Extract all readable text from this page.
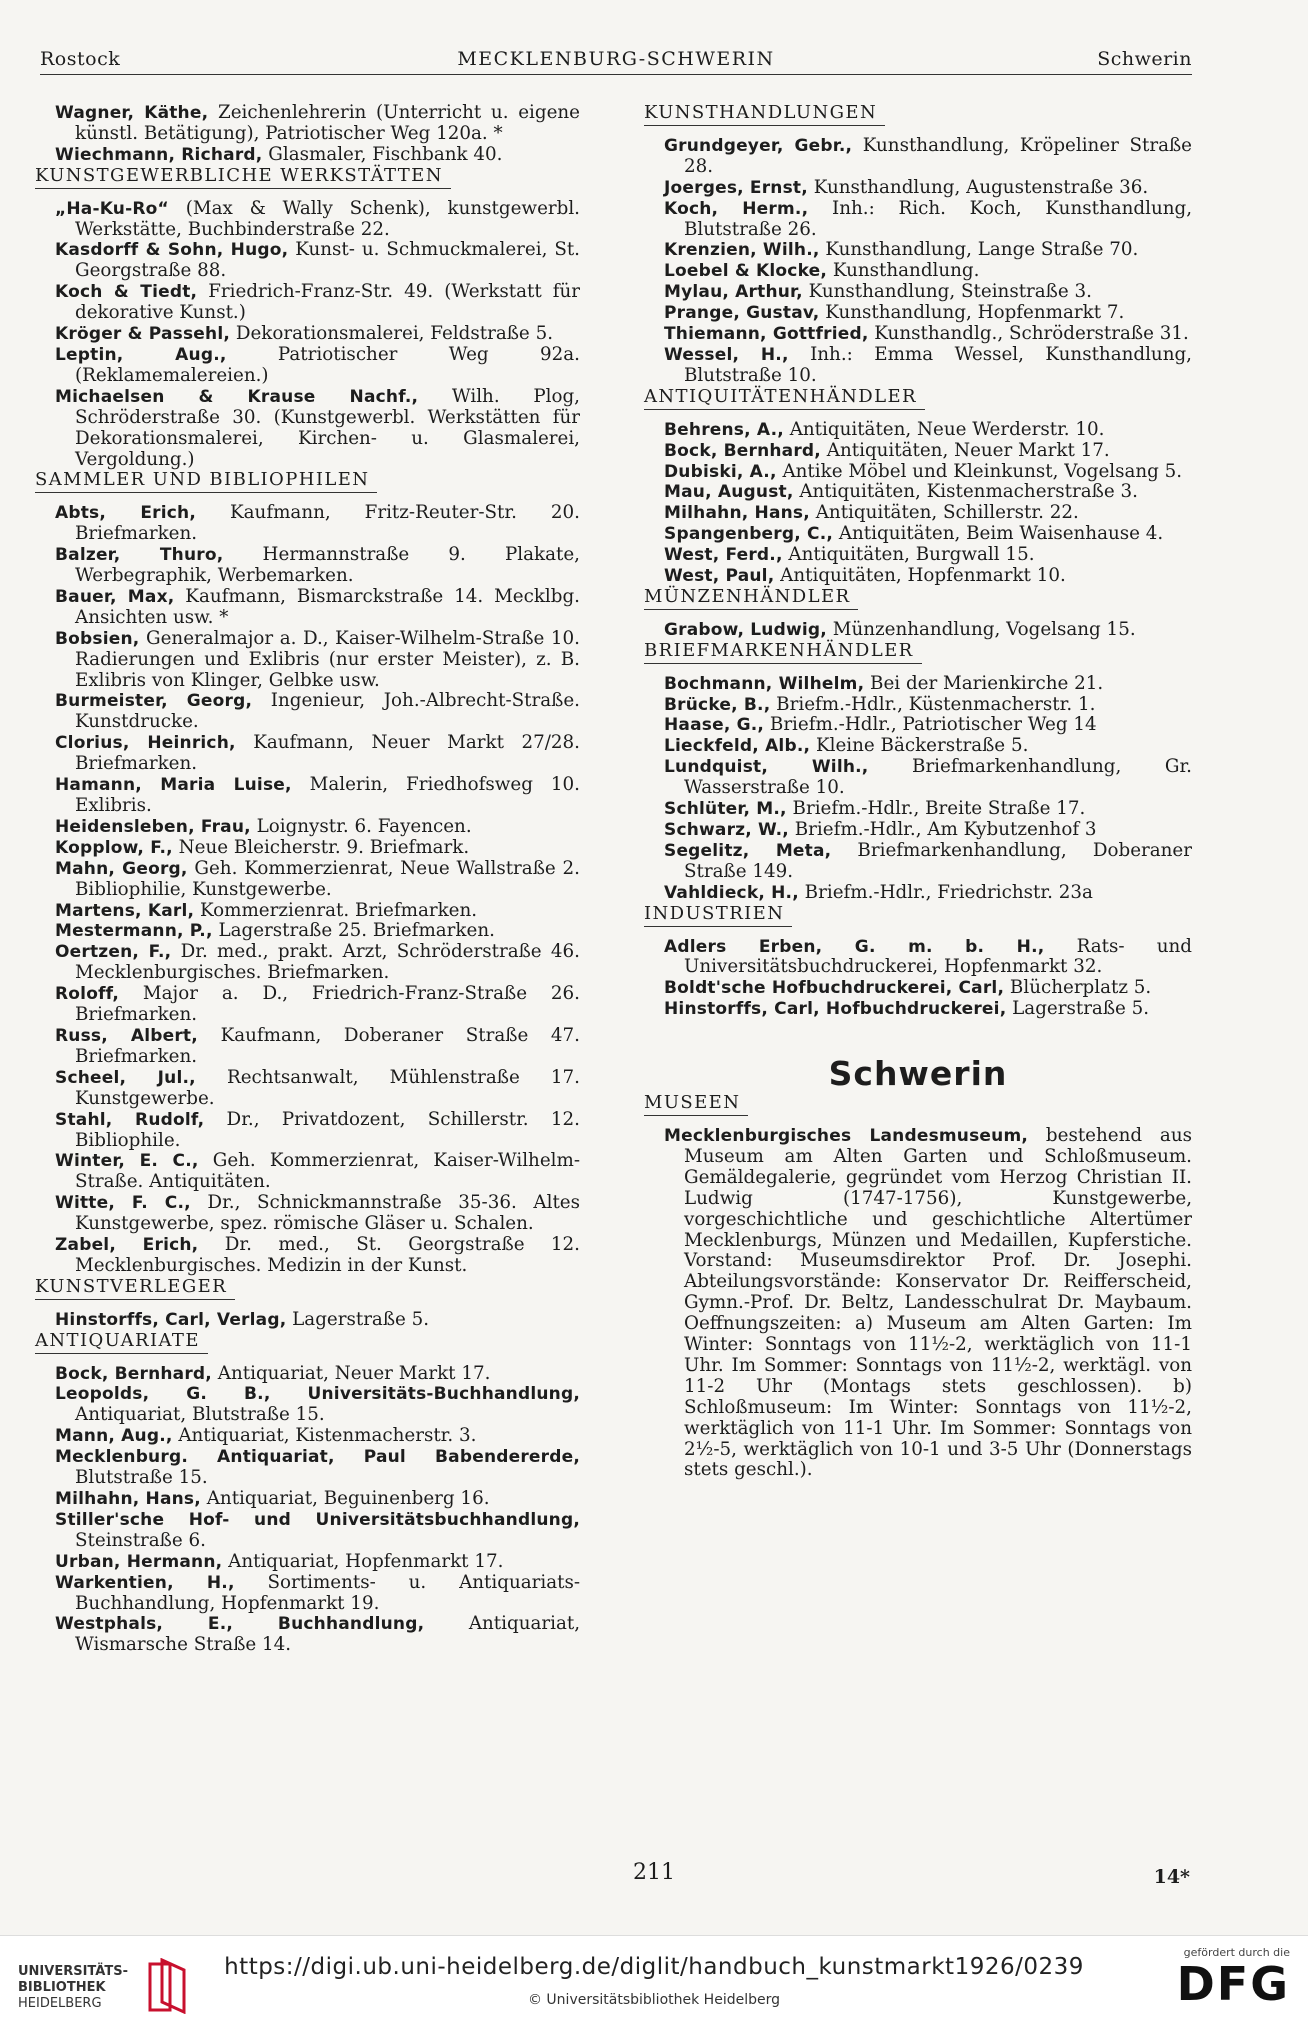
Rostock	MECKLENBURG-SCHWERIN	Schwerin
Wagner, Käthe, Zeichenlehrerin (Unterricht u. eigene künstl. Betätigung), Patriotischer Weg 120a. *
Wiechmann, Richard, Glasmaler, Fischbank 40.
KUNSTGEWERBLICHE WERKSTÄTTEN
„Ha-Ku-Ro“ (Max & Wally Schenk), kunstgewerbl. Werkstätte, Buchbinderstraße 22.
Kasdorff & Sohn, Hugo, Kunst- u. Schmuckmalerei, St. Georgstraße 88.
Koch & Tiedt, Friedrich-Franz-Str. 49. (Werkstatt für dekorative Kunst.)
Kröger & Passehl, Dekorationsmalerei, Feldstraße 5.
Leptin, Aug., Patriotischer Weg 92a. (Reklamemalereien.)
Michaelsen & Krause Nachf., Wilh. Plog, Schröderstraße 30. (Kunstgewerbl. Werkstätten für Dekorationsmalerei, Kirchen- u. Glasmalerei, Vergoldung.)
SAMMLER UND BIBLIOPHILEN
Abts, Erich, Kaufmann, Fritz-Reuter-Str. 20. Briefmarken.
Balzer, Thuro, Hermannstraße 9. Plakate, Werbegraphik, Werbemarken.
Bauer, Max, Kaufmann, Bismarckstraße 14. Mecklbg. Ansichten usw. *
Bobsien, Generalmajor a. D., Kaiser-Wilhelm-Straße 10. Radierungen und Exlibris (nur erster Meister), z. B. Exlibris von Klinger, Gelbke usw.
Burmeister, Georg, Ingenieur, Joh.-Albrecht-Straße. Kunstdrucke.
Clorius, Heinrich, Kaufmann, Neuer Markt 27/28. Briefmarken.
Hamann, Maria Luise, Malerin, Friedhofsweg 10. Exlibris.
Heidensleben, Frau, Loignystr. 6. Fayencen.
Kopplow, F., Neue Bleicherstr. 9. Briefmark.
Mahn, Georg, Geh. Kommerzienrat, Neue Wallstraße 2. Bibliophilie, Kunstgewerbe.
Martens, Karl, Kommerzienrat. Briefmarken.
Mestermann, P., Lagerstraße 25. Briefmarken.
Oertzen, F., Dr. med., prakt. Arzt, Schröderstraße 46. Mecklenburgisches. Briefmarken.
Roloff, Major a. D., Friedrich-Franz-Straße 26. Briefmarken.
Russ, Albert, Kaufmann, Doberaner Straße 47. Briefmarken.
Scheel, Jul., Rechtsanwalt, Mühlenstraße 17. Kunstgewerbe.
Stahl, Rudolf, Dr., Privatdozent, Schillerstr. 12. Bibliophile.
Winter, E. C., Geh. Kommerzienrat, Kaiser-Wilhelm-Straße. Antiquitäten.
Witte, F. C., Dr., Schnickmannstraße 35-36. Altes Kunstgewerbe, spez. römische Gläser u. Schalen.
Zabel, Erich, Dr. med., St. Georgstraße 12. Mecklenburgisches. Medizin in der Kunst.
KUNSTVERLEGER
Hinstorffs, Carl, Verlag, Lagerstraße 5.
ANTIQUARIATE
Bock, Bernhard, Antiquariat, Neuer Markt 17.
Leopolds, G. B., Universitäts-Buchhandlung, Antiquariat, Blutstraße 15.
Mann, Aug., Antiquariat, Kistenmacherstr. 3.
Mecklenburg. Antiquariat, Paul Babendererde, Blutstraße 15.
Milhahn, Hans, Antiquariat, Beguinenberg 16.
Stiller'sche Hof- und Universitätsbuchhandlung, Steinstraße 6.
Urban, Hermann, Antiquariat, Hopfenmarkt 17.
Warkentien, H., Sortiments- u. Antiquariats-Buchhandlung, Hopfenmarkt 19.
Westphals, E., Buchhandlung, Antiquariat, Wismarsche Straße 14.
KUNSTHANDLUNGEN
Grundgeyer, Gebr., Kunsthandlung, Kröpeliner Straße 28.
Joerges, Ernst, Kunsthandlung, Augustenstraße 36.
Koch, Herm., Inh.: Rich. Koch, Kunsthandlung, Blutstraße 26.
Krenzien, Wilh., Kunsthandlung, Lange Straße 70.
Loebel & Klocke, Kunsthandlung.
Mylau, Arthur, Kunsthandlung, Steinstraße 3.
Prange, Gustav, Kunsthandlung, Hopfenmarkt 7.
Thiemann, Gottfried, Kunsthandlg., Schröderstraße 31.
Wessel, H., Inh.: Emma Wessel, Kunsthandlung, Blutstraße 10.
ANTIQUITÄTENHÄNDLER
Behrens, A., Antiquitäten, Neue Werderstr. 10.
Bock, Bernhard, Antiquitäten, Neuer Markt 17.
Dubiski, A., Antike Möbel und Kleinkunst, Vogelsang 5.
Mau, August, Antiquitäten, Kistenmacherstraße 3.
Milhahn, Hans, Antiquitäten, Schillerstr. 22.
Spangenberg, C., Antiquitäten, Beim Waisenhause 4.
West, Ferd., Antiquitäten, Burgwall 15.
West, Paul, Antiquitäten, Hopfenmarkt 10.
MÜNZENHÄNDLER
Grabow, Ludwig, Münzenhandlung, Vogelsang 15.
BRIEFMARKENHÄNDLER
Bochmann, Wilhelm, Bei der Marienkirche 21.
Brücke, B., Briefm.-Hdlr., Küstenmacherstr. 1.
Haase, G., Briefm.-Hdlr., Patriotischer Weg 14
Lieckfeld, Alb., Kleine Bäckerstraße 5.
Lundquist, Wilh., Briefmarkenhandlung, Gr. Wasserstraße 10.
Schlüter, M., Briefm.-Hdlr., Breite Straße 17.
Schwarz, W., Briefm.-Hdlr., Am Kybutzenhof 3
Segelitz, Meta, Briefmarkenhandlung, Doberaner Straße 149.
Vahldieck, H., Briefm.-Hdlr., Friedrichstr. 23a
INDUSTRIEN
Adlers Erben, G. m. b. H., Rats- und Universitätsbuchdruckerei, Hopfenmarkt 32.
Boldt'sche Hofbuchdruckerei, Carl, Blücherplatz 5.
Hinstorffs, Carl, Hofbuchdruckerei, Lagerstraße 5.
Schwerin
MUSEEN
Mecklenburgisches Landesmuseum, bestehend aus Museum am Alten Garten und Schloßmuseum. Gemäldegalerie, gegründet vom Herzog Christian II. Ludwig (1747-1756), Kunstgewerbe, vorgeschichtliche und geschichtliche Altertümer Mecklenburgs, Münzen und Medaillen, Kupferstiche. Vorstand: Museumsdirektor Prof. Dr. Josephi. Abteilungsvorstände: Konservator Dr. Reifferscheid, Gymn.-Prof. Dr. Beltz, Landesschulrat Dr. Maybaum. Oeffnungszeiten: a) Museum am Alten Garten: Im Winter: Sonntags von 11½-2, werktäglich von 11-1 Uhr. Im Sommer: Sonntags von 11½-2, werktägl. von 11-2 Uhr (Montags stets geschlossen). b) Schloßmuseum: Im Winter: Sonntags von 11½-2, werktäglich von 11-1 Uhr. Im Sommer: Sonntags von 2½-5, werktäglich von 10-1 und 3-5 Uhr (Donnerstags stets geschl.).
211	14*
UNIVERSITÄTS-
BIBLIOTHEK
HEIDELBERG
https://digi.ub.uni-heidelberg.de/diglit/handbuch_kunstmarkt1926/0239
© Universitätsbibliothek Heidelberg
gefördert durch die
DFG
